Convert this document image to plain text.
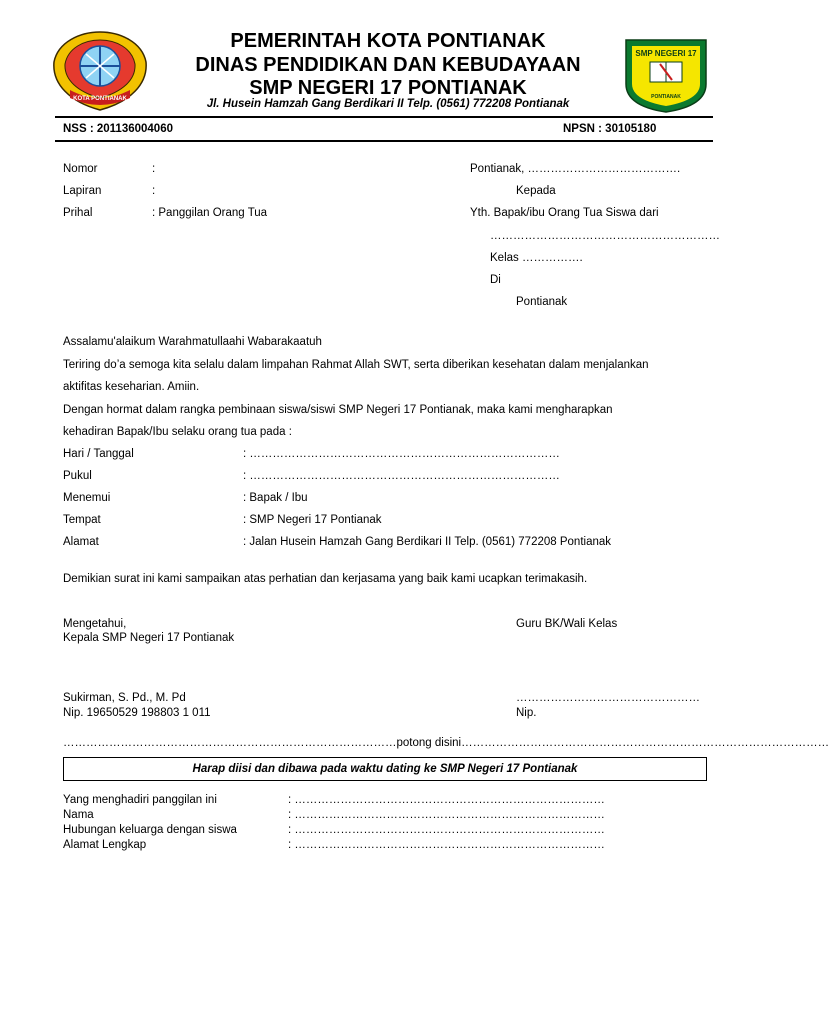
KOTA PONTIANAK
SMP NEGERI 17
PONTIANAK
PEMERINTAH KOTA PONTIANAK
DINAS PENDIDIKAN DAN KEBUDAYAAN
SMP NEGERI 17 PONTIANAK
Jl. Husein Hamzah Gang Berdikari II Telp. (0561) 772208 Pontianak
NSS : 201136004060	NPSN : 30105180
Nomor	:
Lapiran	:
Prihal	: Panggilan Orang Tua
Pontianak, ………………………………….
Kepada
Yth. Bapak/ibu Orang Tua Siswa dari
……………………………………………………
Kelas …………….
Di
Pontianak
Assalamu'alaikum Warahmatullaahi Wabarakaatuh
Teriring do’a semoga kita selalu dalam limpahan Rahmat Allah SWT, serta diberikan kesehatan dalam menjalankan
aktifitas keseharian. Amiin.
Dengan hormat dalam rangka pembinaan siswa/siswi SMP Negeri 17 Pontianak, maka kami mengharapkan
kehadiran Bapak/Ibu selaku orang tua pada :
Hari / Tanggal	: ………………………………………………………………………
Pukul	: ………………………………………………………………………
Menemui	: Bapak / Ibu
Tempat	: SMP Negeri 17 Pontianak
Alamat	: Jalan Husein Hamzah Gang Berdikari II Telp. (0561) 772208 Pontianak
Demikian surat ini kami sampaikan atas perhatian dan kerjasama yang baik kami ucapkan terimakasih.
Mengetahui,
Kepala SMP Negeri 17 Pontianak
Guru BK/Wali Kelas
Sukirman, S. Pd., M. Pd
Nip. 19650529 198803 1 011
…………………………………………
Nip.
……………………………………………………………………………potong disini……………………………………………………………………………………
Harap diisi dan dibawa pada waktu dating ke SMP Negeri 17 Pontianak
Yang menghadiri panggilan ini	: ………………………………………………………………………
Nama	: ………………………………………………………………………
Hubungan keluarga dengan siswa	: ………………………………………………………………………
Alamat Lengkap	: ………………………………………………………………………
